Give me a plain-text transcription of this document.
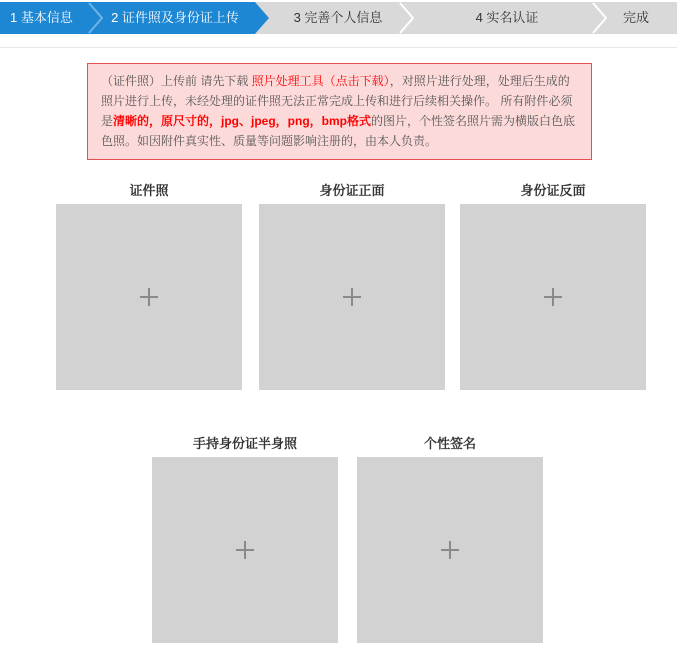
1 基本信息	2 证件照及身份证上传	3 完善个人信息	4 实名认证	完成
（证件照）上传前 请先下载 照片处理工具（点击下载），对照片进行处理，处理后生成的照片进行上传，未经处理的证件照无法正常完成上传和进行后续相关操作。 所有附件必须是清晰的，原尺寸的，jpg、jpeg，png，bmp格式的图片，个性签名照片需为横版白色底色照。如因附件真实性、质量等问题影响注册的，由本人负责。
证件照	身份证正面	身份证反面
手持身份证半身照	个性签名
